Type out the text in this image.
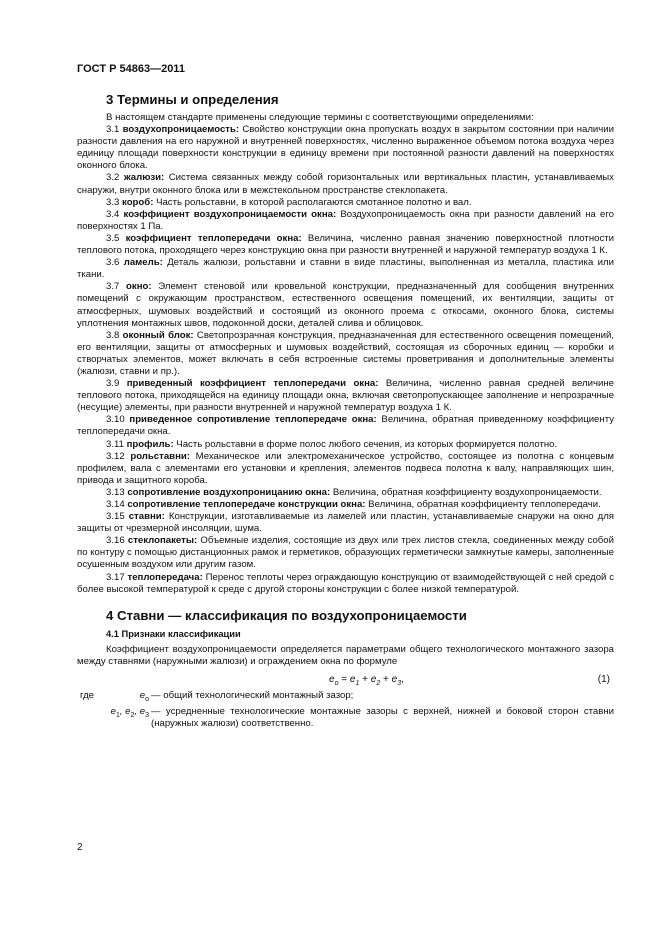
ГОСТ Р 54863—2011
3 Термины и определения

В настоящем стандарте применены следующие термины с соответствующими определениями:

3.1 воздухопроницаемость: Свойство конструкции окна пропускать воздух в закрытом состоянии при наличии разности давления на его наружной и внутренней поверхностях, численно выраженное объемом потока воздуха через единицу площади поверхности конструкции в единицу времени при постоянной разности давлений на поверхностях оконного блока.

3.2 жалюзи: Система связанных между собой горизонтальных или вертикальных пластин, устанавливаемых снаружи, внутри оконного блока или в межстекольном пространстве стеклопакета.

3.3 короб: Часть рольставни, в которой располагаются смотанное полотно и вал.

3.4 коэффициент воздухопроницаемости окна: Воздухопроницаемость окна при разности давлений на его поверхностях 1 Па.

3.5 коэффициент теплопередачи окна: Величина, численно равная значению поверхностной плотности теплового потока, проходящего через конструкцию окна при разности внутренней и наружной температур воздуха 1 К.

3.6 ламель: Деталь жалюзи, рольставни и ставни в виде пластины, выполненная из металла, пластика или ткани.

3.7 окно: Элемент стеновой или кровельной конструкции, предназначенный для сообщения внутренних помещений с окружающим пространством, естественного освещения помещений, их вентиляции, защиты от атмосферных, шумовых воздействий и состоящий из оконного проема с откосами, оконного блока, системы уплотнения монтажных швов, подоконной доски, деталей слива и облицовок.

3.8 оконный блок: Светопрозрачная конструкция, предназначенная для естественного освещения помещений, его вентиляции, защиты от атмосферных и шумовых воздействий, состоящая из сборочных единиц — коробки и створчатых элементов, может включать в себя встроенные системы проветривания и дополнительные элементы (жалюзи, ставни и пр.).

3.9 приведенный коэффициент теплопередачи окна: Величина, численно равная средней величине теплового потока, приходящейся на единицу площади окна, включая светопропускающее заполнение и непрозрачные (несущие) элементы, при разности внутренней и наружной температур воздуха 1 К.

3.10 приведенное сопротивление теплопередаче окна: Величина, обратная приведенному коэффициенту теплопередачи окна.

3.11 профиль: Часть рольставни в форме полос любого сечения, из которых формируется полотно.

3.12 рольставни: Механическое или электромеханическое устройство, состоящее из полотна с концевым профилем, вала с элементами его установки и крепления, элементов подвеса полотна к валу, направляющих шин, привода и защитного короба.

3.13 сопротивление воздухопроницанию окна: Величина, обратная коэффициенту воздухопроницаемости.

3.14 сопротивление теплопередаче конструкции окна: Величина, обратная коэффициенту теплопередачи.

3.15 ставни: Конструкции, изготавливаемые из ламелей или пластин, устанавливаемые снаружи на окно для защиты от чрезмерной инсоляции, шума.

3.16 стеклопакеты: Объемные изделия, состоящие из двух или трех листов стекла, соединенных между собой по контуру с помощью дистанционных рамок и герметиков, образующих герметически замкнутые камеры, заполненные осушенным воздухом или другим газом.

3.17 теплопередача: Перенос теплоты через ограждающую конструкцию от взаимодействующей с ней средой с более высокой температурой к среде с другой стороны конструкции с более низкой температурой.

4 Ставни — классификация по воздухопроницаемости
4.1 Признаки классификации

Коэффициент воздухопроницаемости определяется параметрами общего технологического монтажного зазора между ставнями (наружными жалюзи) и ограждением окна по формуле

$e_o = e_1 + e_2 + e_3$,	(1)
где	$e_o$ — общий технологический монтажный зазор;
$e_1$, $e_2$, $e_3$ — усредненные технологические монтажные зазоры с верхней, нижней и боковой сторон ставни (наружных жалюзи) соответственно.
2
